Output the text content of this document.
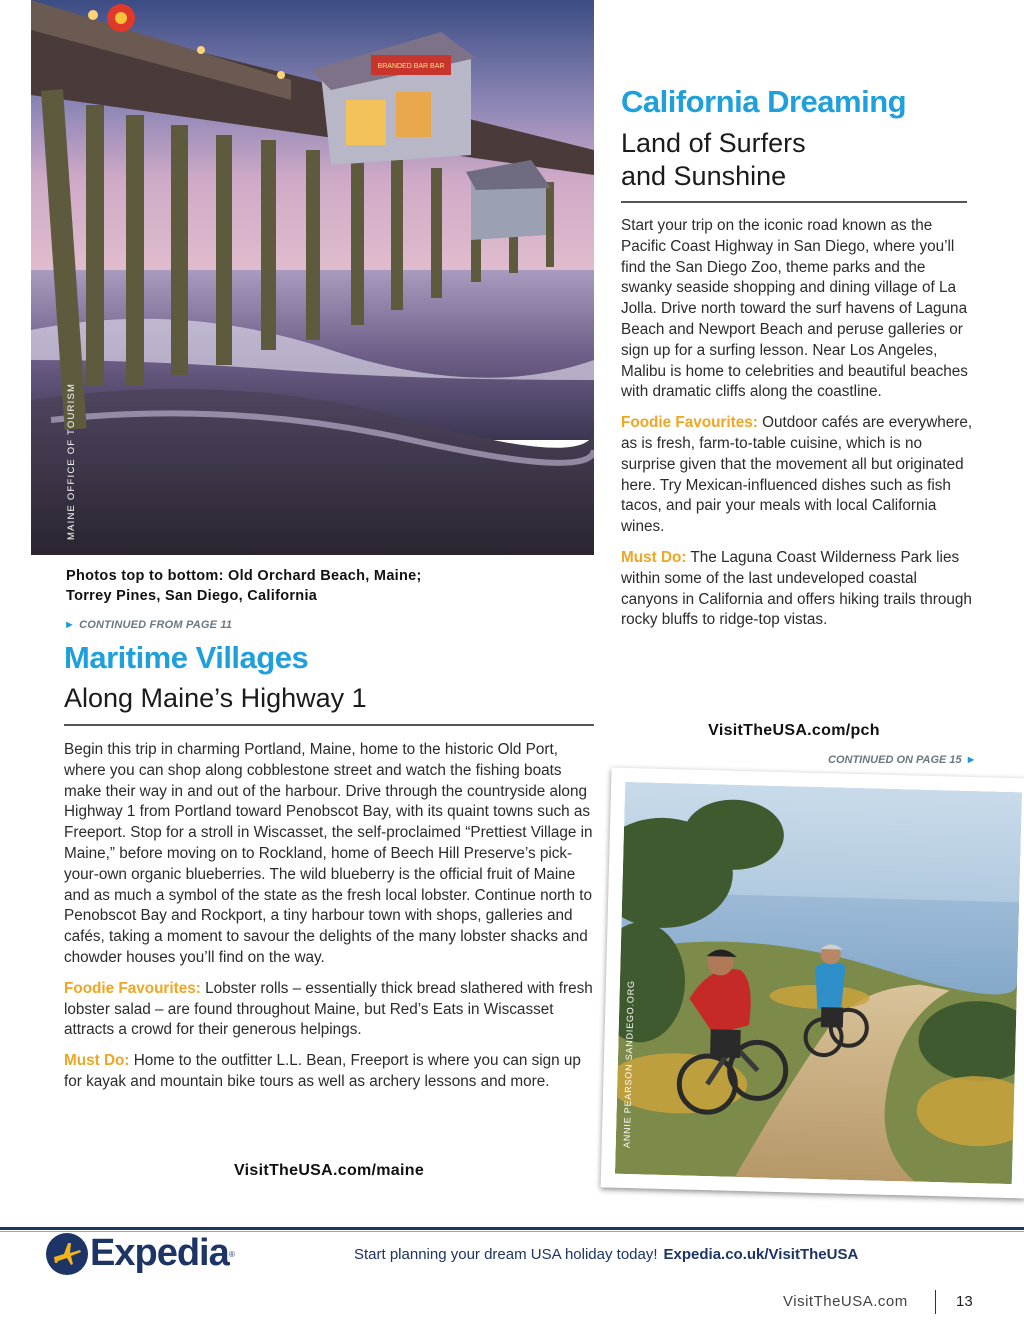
BRANDED BAR BAR
MAINE OFFICE OF TOURISM
Photos top to bottom: Old Orchard Beach, Maine;
Torrey Pines, San Diego, California
► CONTINUED FROM PAGE 11
Maritime Villages
Along Maine’s Highway 1

Begin this trip in charming Portland, Maine, home to the historic Old Port, where you can shop along cobblestone street and watch the fishing boats make their way in and out of the harbour. Drive through the countryside along Highway 1 from Portland toward Penobscot Bay, with its quaint towns such as Freeport. Stop for a stroll in Wiscasset, the self-proclaimed “Prettiest Village in Maine,” before moving on to Rockland, home of Beech Hill Preserve’s pick-your-own organic blueberries. The wild blueberry is the official fruit of Maine and as much a symbol of the state as the fresh local lobster. Continue north to Penobscot Bay and Rockport, a tiny harbour town with shops, galleries and cafés, taking a moment to savour the delights of the many lobster shacks and chowder houses you’ll find on the way.

Foodie Favourites: Lobster rolls – essentially thick bread slathered with fresh lobster salad – are found throughout Maine, but Red’s Eats in Wiscasset attracts a crowd for their generous helpings.

Must Do: Home to the outfitter L.L. Bean, Freeport is where you can sign up for kayak and mountain bike tours as well as archery lessons and more.

VisitTheUSA.com/maine
California Dreaming
Land of Surfers
and Sunshine

Start your trip on the iconic road known as the Pacific Coast Highway in San Diego, where you’ll find the San Diego Zoo, theme parks and the swanky seaside shopping and dining village of La Jolla. Drive north toward the surf havens of Laguna Beach and Newport Beach and peruse galleries or sign up for a surfing lesson. Near Los Angeles, Malibu is home to celebrities and beautiful beaches with dramatic cliffs along the coastline.

Foodie Favourites: Outdoor cafés are everywhere, as is fresh, farm-to-table cuisine, which is no surprise given that the movement all but originated here. Try Mexican-influenced dishes such as fish tacos, and pair your meals with local California wines.

Must Do: The Laguna Coast Wilderness Park lies within some of the last undeveloped coastal canyons in California and offers hiking trails through rocky bluffs to ridge-top vistas.

VisitTheUSA.com/pch
CONTINUED ON PAGE 15 ►
ANNIE PEARSON SANDIEGO.ORG
Expedia ®	Start planning your dream USA holiday today! Expedia.co.uk/VisitTheUSA
VisitTheUSA.com	13
